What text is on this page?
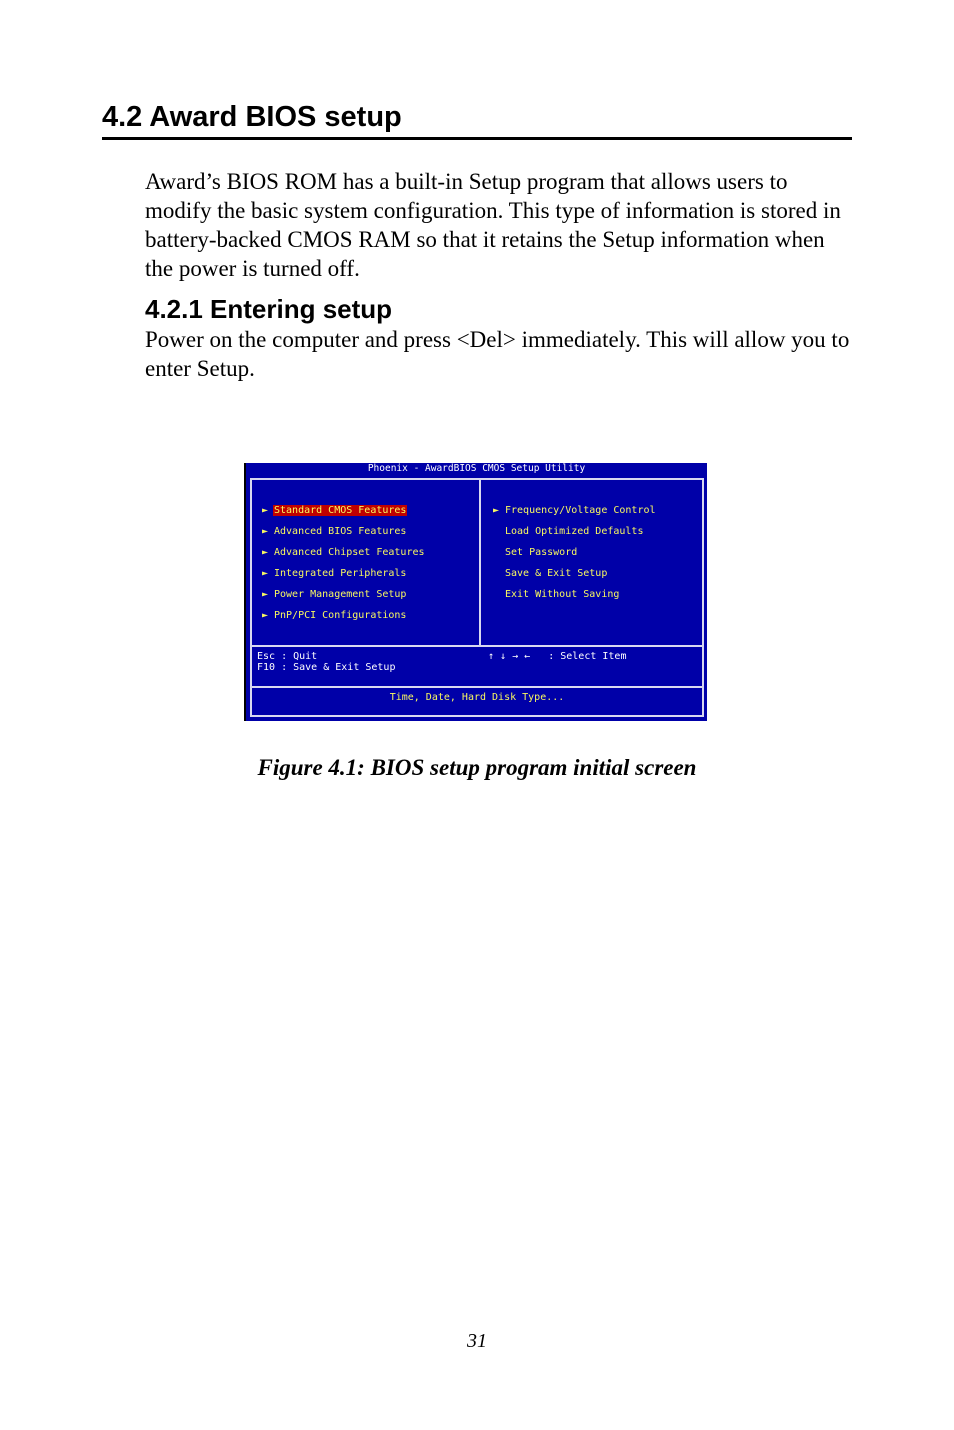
4.2 Award BIOS setup

Award’s BIOS ROM has a built-in Setup program that allows users to modify the basic system configuration. This type of information is stored in battery-backed CMOS RAM so that it retains the Setup information when the power is turned off.

4.2.1 Entering setup

Power on the computer and press <Del> immediately. This will allow you to enter Setup.

Phoenix - AwardBIOS CMOS Setup Utility
► Standard CMOS Features
► Advanced BIOS Features
► Advanced Chipset Features
► Integrated Peripherals
► Power Management Setup
► PnP/PCI Configurations
► Frequency/Voltage Control
Load Optimized Defaults
Set Password
Save & Exit Setup
Exit Without Saving
Esc : Quit
F10 : Save & Exit Setup
↑ ↓ → ←   : Select Item
Time, Date, Hard Disk Type...

Figure 4.1: BIOS setup program initial screen

31
